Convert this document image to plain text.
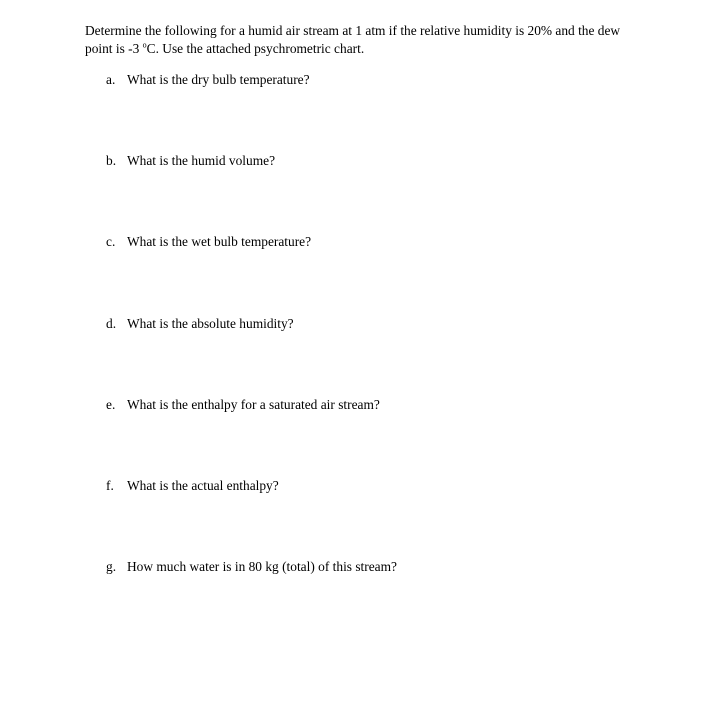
Determine the following for a humid air stream at 1 atm if the relative humidity is 20% and the dew point is -3 $^o$C. Use the attached psychrometric chart.

a. What is the dry bulb temperature?
b. What is the humid volume?
c. What is the wet bulb temperature?
d. What is the absolute humidity?
e. What is the enthalpy for a saturated air stream?
f. What is the actual enthalpy?
g. How much water is in 80 kg (total) of this stream?
